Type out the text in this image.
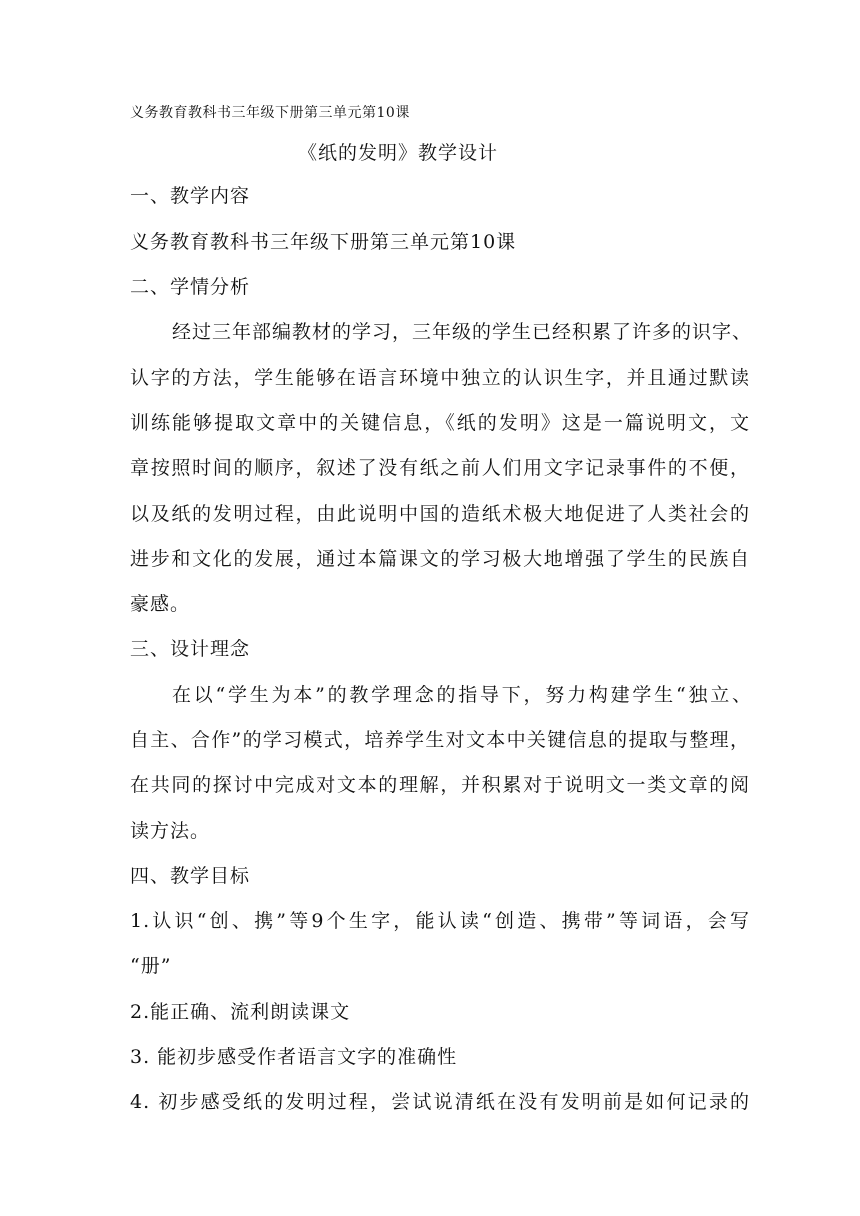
义务教育教科书三年级下册第三单元第10课
《纸的发明》教学设计
一、教学内容
义务教育教科书三年级下册第三单元第10课
二、学情分析
经过三年部编教材的学习，三年级的学生已经积累了许多的识字、
认字的方法，学生能够在语言环境中独立的认识生字，并且通过默读
训练能够提取文章中的关键信息，《纸的发明》这是一篇说明文，文
章按照时间的顺序，叙述了没有纸之前人们用文字记录事件的不便，
以及纸的发明过程，由此说明中国的造纸术极大地促进了人类社会的
进步和文化的发展，通过本篇课文的学习极大地增强了学生的民族自
豪感。
三、设计理念
在以“学生为本”的教学理念的指导下，努力构建学生“独立、
自主、合作”的学习模式，培养学生对文本中关键信息的提取与整理，
在共同的探讨中完成对文本的理解，并积累对于说明文一类文章的阅
读方法。
四、教学目标
1.认识“创、携”等9个生字，能认读“创造、携带”等词语，会写
“册”
2.能正确、流利朗读课文
3. 能初步感受作者语言文字的准确性
4. 初步感受纸的发明过程，尝试说清纸在没有发明前是如何记录的
